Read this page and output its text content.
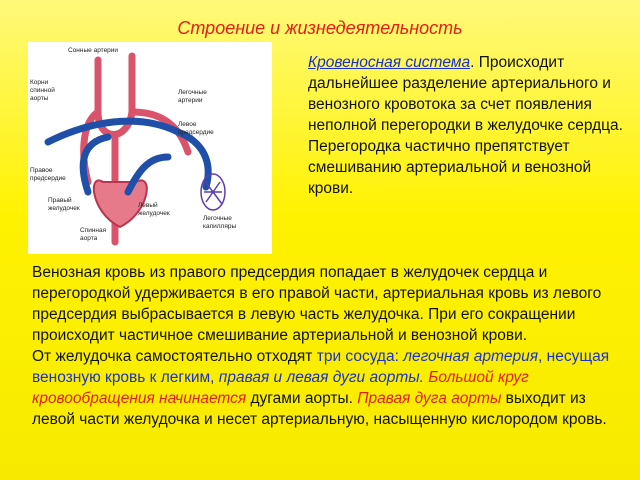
Строение и жизнедеятельность
Сонные артерии
Корни
спинной
аорты
Легочные
артерии
Левое
предсердие
Правое
предсердие
Правый
желудочек	Левый
желудочек
Легочные
капилляры
Спинная
аорта
Кровеносная система. Происходит дальнейшее разделение артериального и венозного кровотока за счет появления неполной перегородки в желудочке сердца. Перегородка частично препятствует смешиванию артериальной и венозной крови.
Венозная кровь из правого предсердия попадает в желудочек сердца и перегородкой удерживается в его правой части, артериальная кровь из левого предсердия выбрасывается в левую часть желудочка. При его сокращении происходит частичное смешивание артериальной и венозной крови.
От желудочка самостоятельно отходят три сосуда: легочная артерия, несущая венозную кровь к легким, правая и левая дуги аорты. Большой круг кровообращения начинается дугами аорты. Правая дуга аорты выходит из левой части желудочка и несет артериальную, насыщенную кислородом кровь.
